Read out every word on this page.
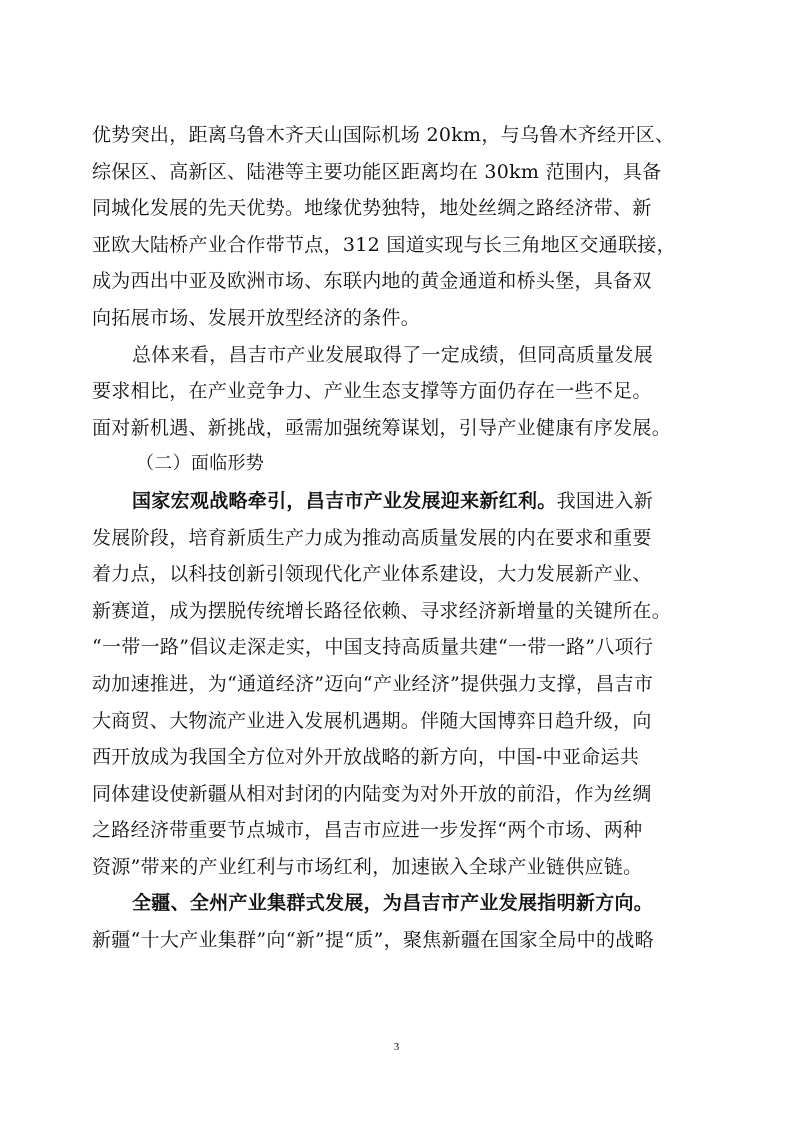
优势突出，距离乌鲁木齐天山国际机场 20km，与乌鲁木齐经开区、
综保区、高新区、陆港等主要功能区距离均在 30km 范围内，具备
同城化发展的先天优势。地缘优势独特，地处丝绸之路经济带、新
亚欧大陆桥产业合作带节点，312 国道实现与长三角地区交通联接，
成为西出中亚及欧洲市场、东联内地的黄金通道和桥头堡，具备双
向拓展市场、发展开放型经济的条件。
总体来看，昌吉市产业发展取得了一定成绩，但同高质量发展
要求相比，在产业竞争力、产业生态支撑等方面仍存在一些不足。
面对新机遇、新挑战，亟需加强统筹谋划，引导产业健康有序发展。
（二）面临形势
国家宏观战略牵引，昌吉市产业发展迎来新红利。我国进入新
发展阶段，培育新质生产力成为推动高质量发展的内在要求和重要
着力点，以科技创新引领现代化产业体系建设，大力发展新产业、
新赛道，成为摆脱传统增长路径依赖、寻求经济新增量的关键所在。
“一带一路”倡议走深走实，中国支持高质量共建“一带一路”八项行
动加速推进，为“通道经济”迈向“产业经济”提供强力支撑，昌吉市
大商贸、大物流产业进入发展机遇期。伴随大国博弈日趋升级，向
西开放成为我国全方位对外开放战略的新方向，中国-中亚命运共
同体建设使新疆从相对封闭的内陆变为对外开放的前沿，作为丝绸
之路经济带重要节点城市，昌吉市应进一步发挥“两个市场、两种
资源”带来的产业红利与市场红利，加速嵌入全球产业链供应链。
全疆、全州产业集群式发展，为昌吉市产业发展指明新方向。
新疆“十大产业集群”向“新”提“质”，聚焦新疆在国家全局中的战略
3
